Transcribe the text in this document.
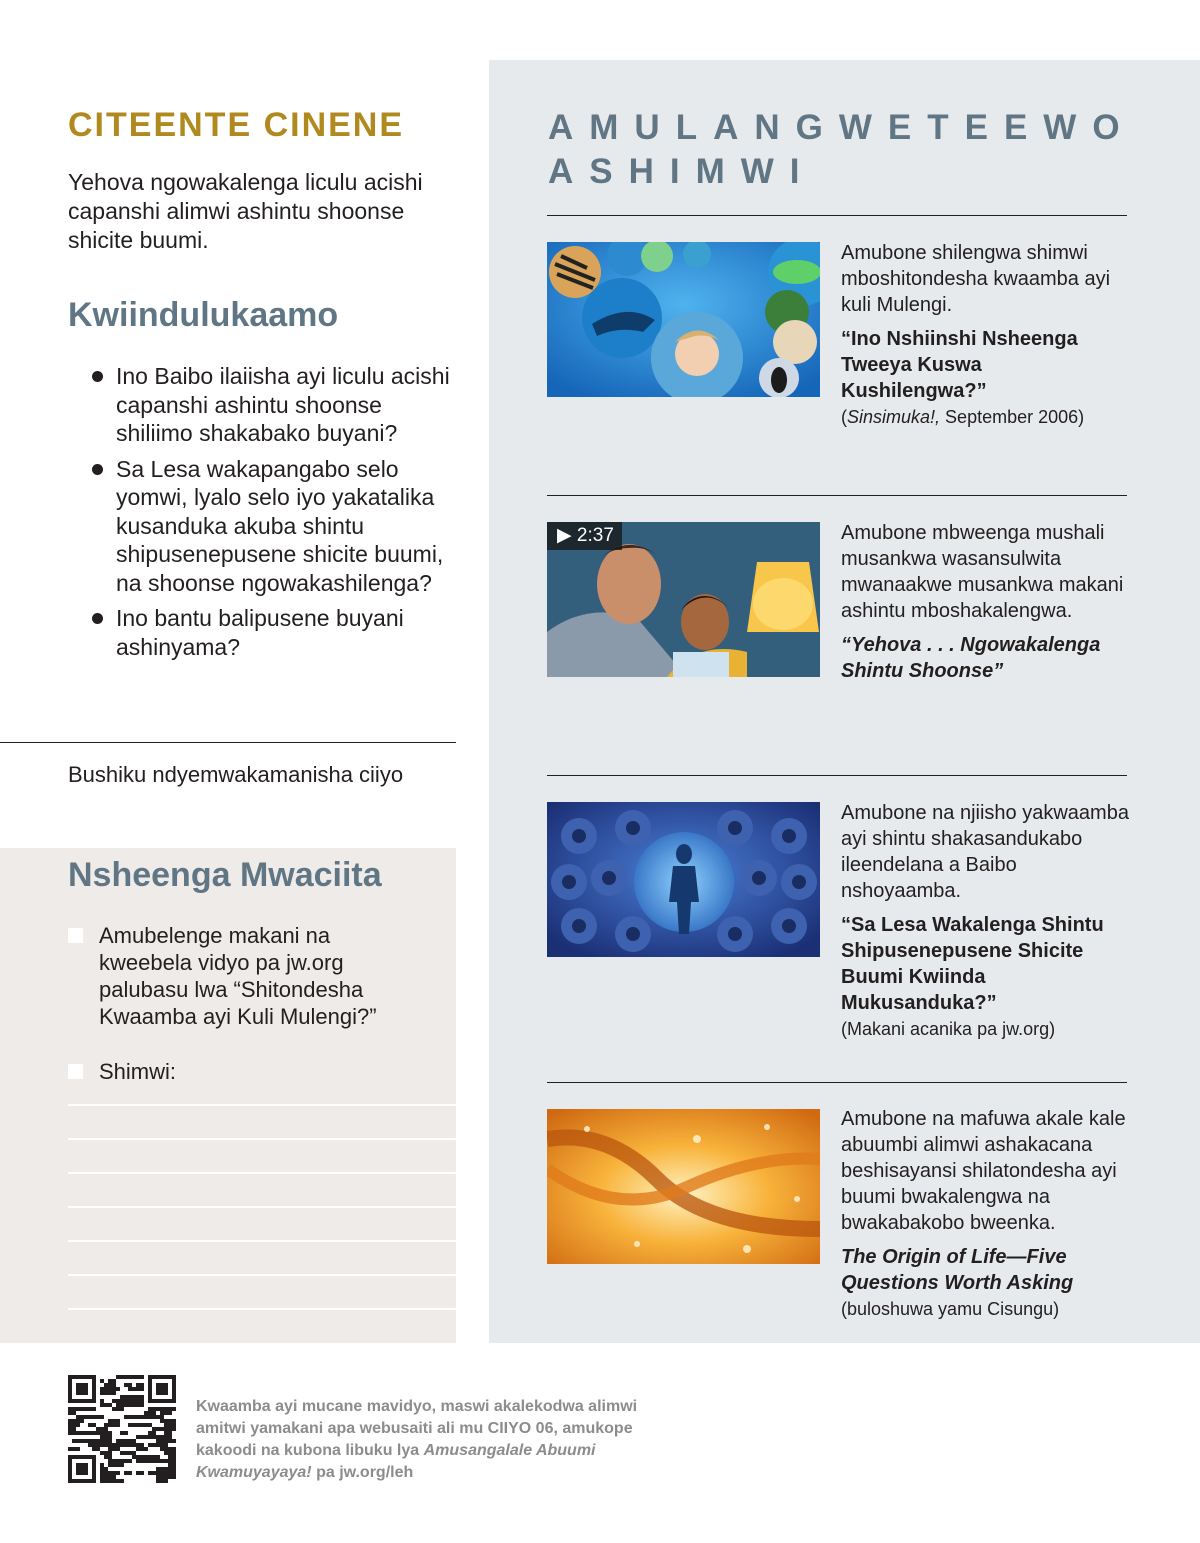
CITEENTE CINENE

Yehova ngowakalenga liculu acishi capanshi alimwi ashintu shoonse shicite buumi.

Kwiindulukaamo
Ino Baibo ilaiisha ayi liculu acishi capanshi ashintu shoonse shiliimo shakabako buyani?
Sa Lesa wakapangabo selo yomwi, lyalo selo iyo yakatalika kusanduka akuba shintu shipusenepusene shicite buumi, na shoonse ngowakashilenga?
Ino bantu balipusene buyani ashinyama?

Bushiku ndyemwakamanisha ciiyo

Nsheenga Mwaciita
Amubelenge makani na kweebela vidyo pa jw.org palubasu lwa “Shitondesha Kwaamba ayi Kuli Mulengi?”
Shimwi:
AMULANGWETEEWO ASHIMWI

Amubone shilengwa shimwi mboshitondesha kwaamba ayi kuli Mulengi.

“Ino Nshiinshi Nsheenga Tweeya Kuswa Kushilengwa?”

(Sinsimuka!, September 2006)

▶ 2:37	Amubone mbweenga mushali musankwa wasansulwita mwanaakwe musankwa makani ashintu mboshakalengwa.

“Yehova . . . Ngowakalenga Shintu Shoonse”

Amubone na njiisho yakwaamba ayi shintu shakasandukabo ileendelana a Baibo nshoyaamba.

“Sa Lesa Wakalenga Shintu Shipusenepusene Shicite Buumi Kwiinda Mukusanduka?”

(Makani acanika pa jw.org)

Amubone na mafuwa akale kale abuumbi alimwi ashakacana beshisayansi shilatondesha ayi buumi bwakalengwa na bwakabakobo bweenka.

The Origin of Life—Five Questions Worth Asking (buloshuwa yamu Cisungu)

Kwaamba ayi mucane mavidyo, maswi akalekodwa alimwi amitwi yamakani apa webusaiti ali mu CIIYO 06, amukope kakoodi na kubona libuku lya Amusangalale Abuumi Kwamuyayaya! pa jw.org/leh
